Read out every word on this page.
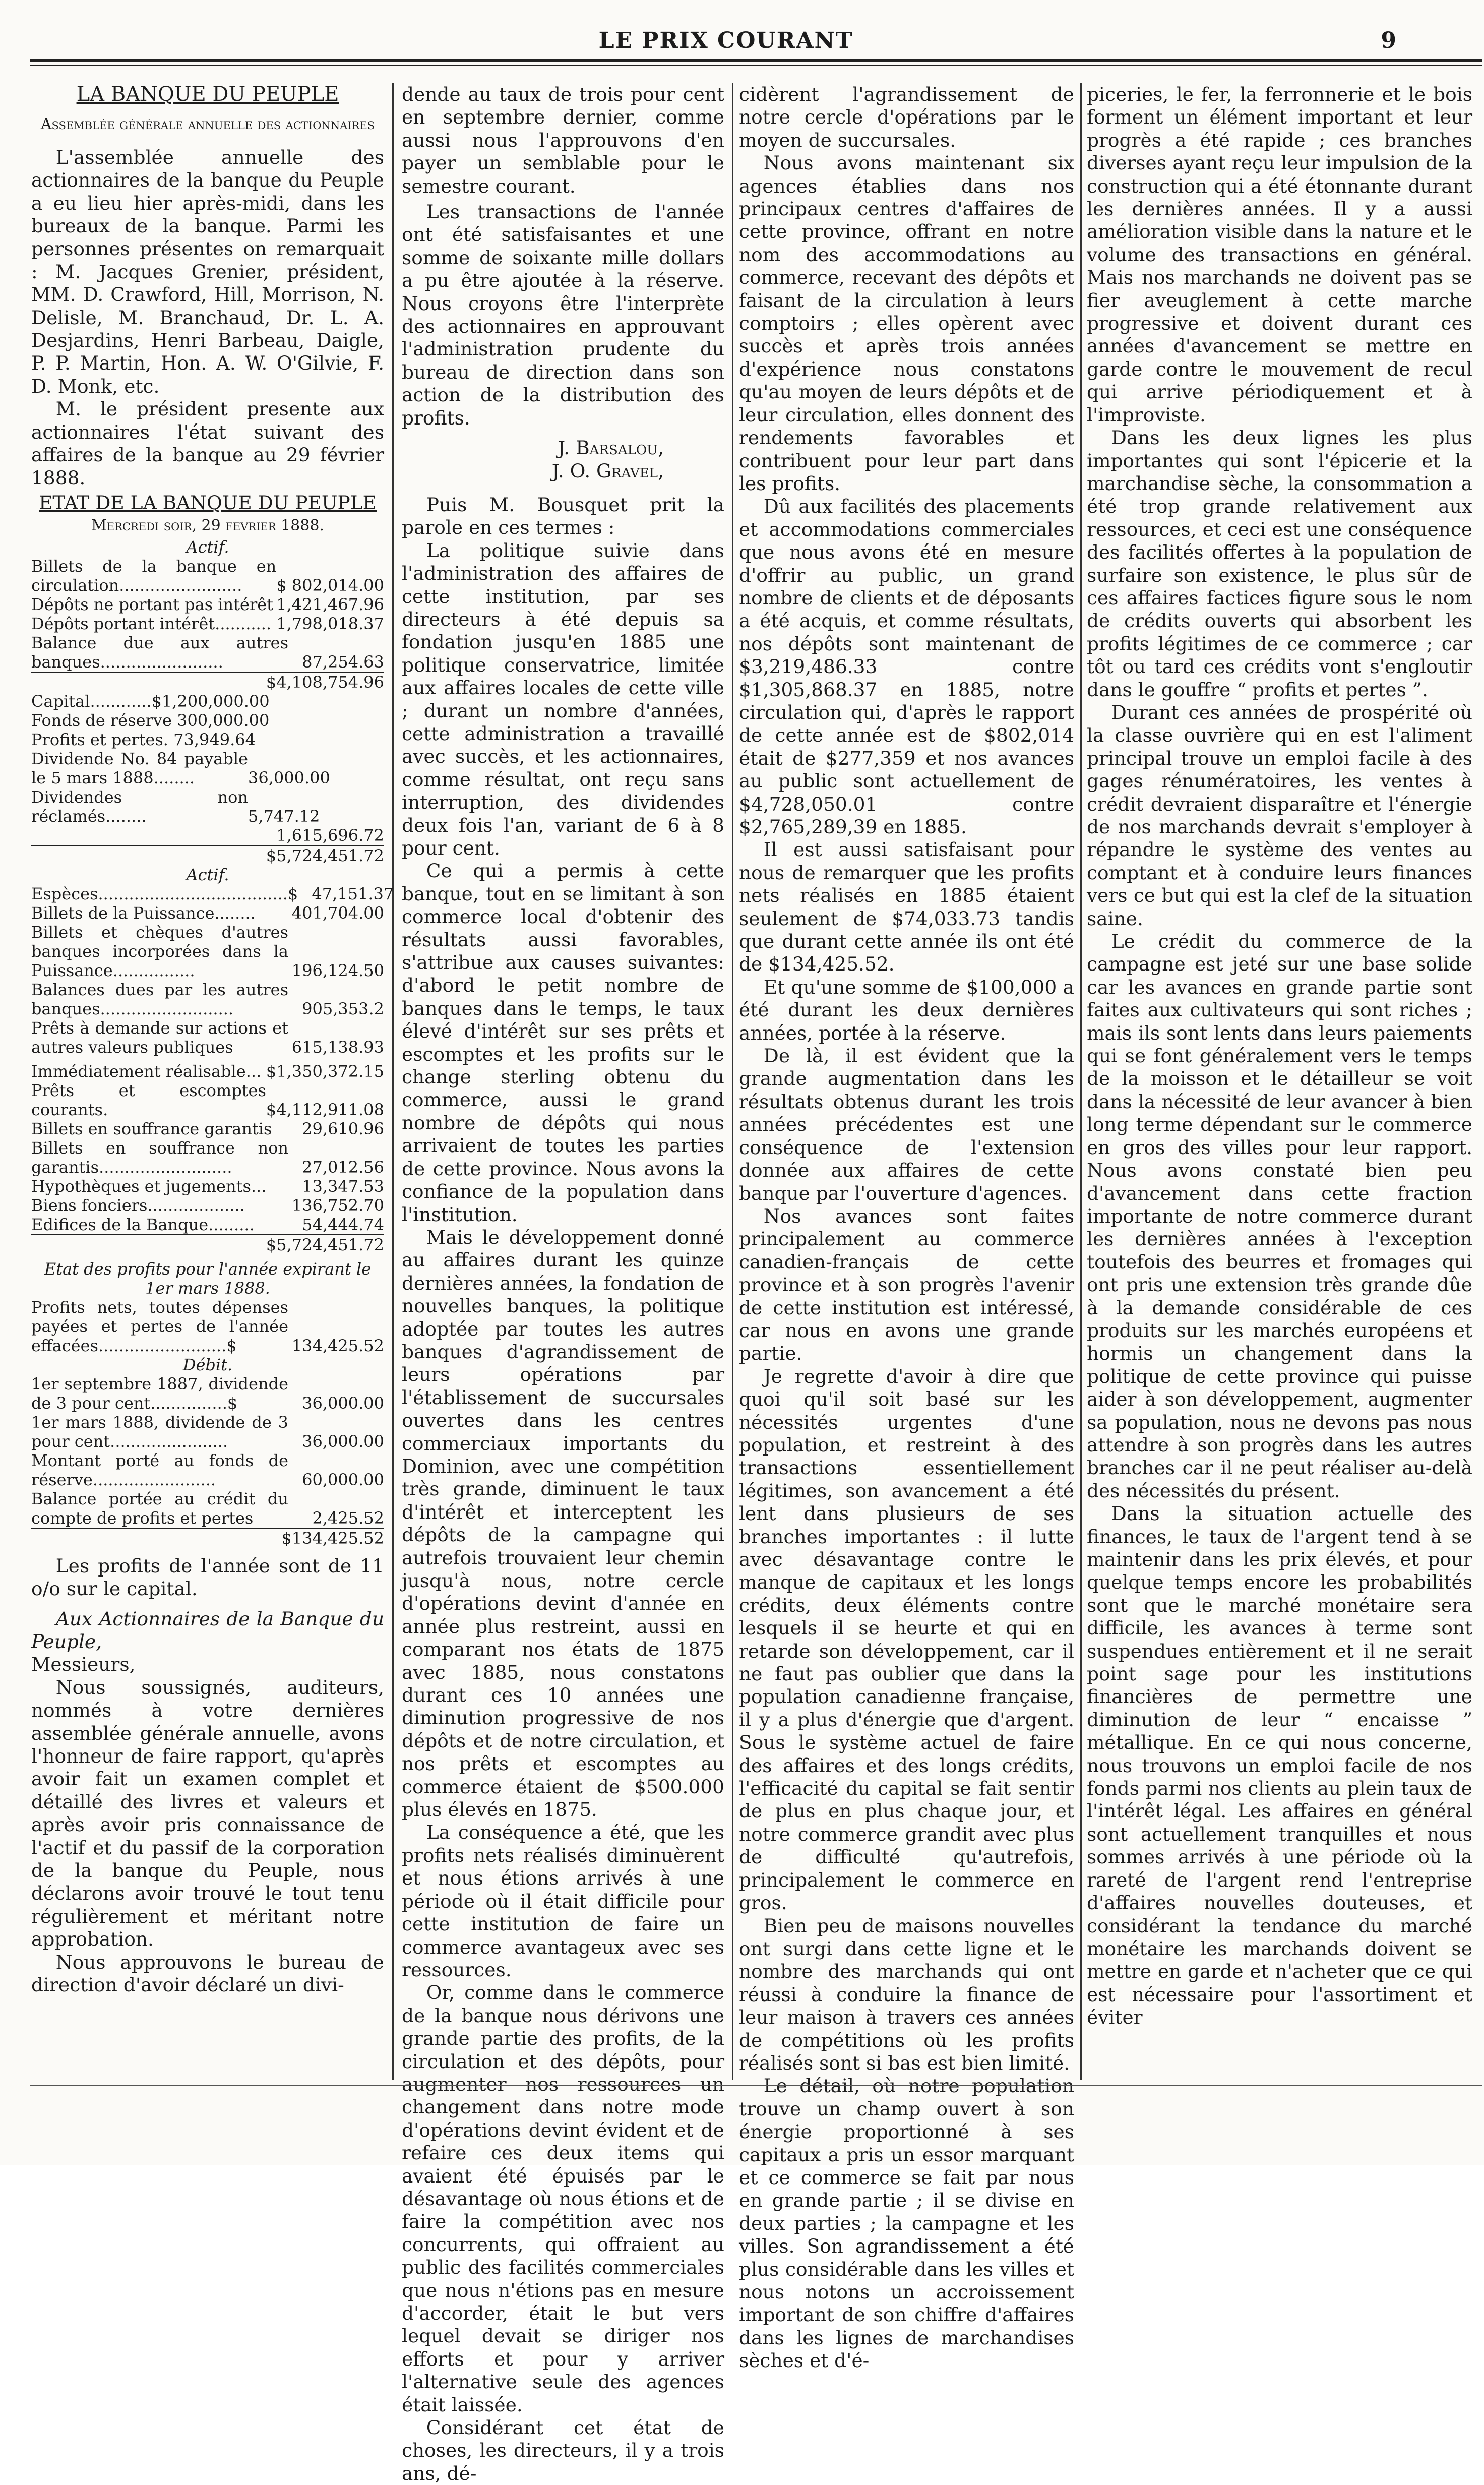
LE PRIX COURANT	9

LA BANQUE DU PEUPLE

Assemblée générale annuelle des actionnaires

L'assemblée annuelle des actionnaires de la banque du Peuple a eu lieu hier après-midi, dans les bureaux de la banque. Parmi les personnes présentes on remarquait : M. Jacques Grenier, président, MM. D. Crawford, Hill, Morrison, N. Delisle, M. Branchaud, Dr. L. A. Desjardins, Henri Barbeau, Daigle, P. P. Martin, Hon. A. W. O'Gilvie, F. D. Monk, etc.

M. le président presente aux actionnaires l'état suivant des affaires de la banque au 29 février 1888.

ETAT DE LA BANQUE DU PEUPLE

Mercredi soir, 29 fevrier 1888.

Actif.

Billets de la banque en circulation........................	$ 802,014.00
Dépôts ne portant pas intérêt 1,421,467.96
Dépôts portant intérêt........... 1,798,018.37
Balance due aux autres banques........................	87,254.63
$4,108,754.96
Capital............$1,200,000.00
Fonds de réserve 300,000.00
Profits et pertes. 73,949.64
Dividende No. 84 payable le 5 mars 1888........	36,000.00
Dividendes non réclamés........	5,747.12
1,615,696.72
$5,724,451.72

Actif.

Espèces.....................................$ 47,151.37
Billets de la Puissance........	401,704.00
Billets et chèques d'autres banques incorporées dans la Puissance................	196,124.50
Balances dues par les autres banques..........................	905,353.2
Prêts à demande sur actions et autres valeurs publiques	615,138.93
Immédiatement réalisable... $1,350,372.15
Prêts et escomptes courants.	$4,112,911.08
Billets en souffrance garantis	29,610.96
Billets en souffrance non garantis..........................	27,012.56
Hypothèques et jugements...	13,347.53
Biens fonciers...................	136,752.70
Edifices de la Banque.........	54,444.74
$5,724,451.72

Etat des profits pour l'année expirant le 1er mars 1888.

Profits nets, toutes dépenses payées et pertes de l'année effacées.........................$	134,425.52
Débit.
1er septembre 1887, dividende de 3 pour cent...............$	36,000.00
1er mars 1888, dividende de 3 pour cent.......................	36,000.00
Montant porté au fonds de réserve........................	60,000.00
Balance portée au crédit du compte de profits et pertes	2,425.52
$134,425.52

Les profits de l'année sont de 11 o/o sur le capital.

Aux Actionnaires de la Banque du Peuple,

Messieurs,

Nous soussignés, auditeurs, nommés à votre dernières assemblée générale annuelle, avons l'honneur de faire rapport, qu'après avoir fait un examen complet et détaillé des livres et valeurs et après avoir pris connaissance de l'actif et du passif de la corporation de la banque du Peuple, nous déclarons avoir trouvé le tout tenu régulièrement et méritant notre approbation.

Nous approuvons le bureau de direction d'avoir déclaré un divi-

dende au taux de trois pour cent en septembre dernier, comme aussi nous l'approuvons d'en payer un semblable pour le semestre courant.

Les transactions de l'année ont été satisfaisantes et une somme de soixante mille dollars a pu être ajoutée à la réserve. Nous croyons être l'interprète des actionnaires en approuvant l'administration prudente du bureau de direction dans son action de la distribution des profits.

J. Barsalou,

J. O. Gravel,

Puis M. Bousquet prit la parole en ces termes :

La politique suivie dans l'administration des affaires de cette institution, par ses directeurs à été depuis sa fondation jusqu'en 1885 une politique conservatrice, limitée aux affaires locales de cette ville ; durant un nombre d'années, cette administration a travaillé avec succès, et les actionnaires, comme résultat, ont reçu sans interruption, des dividendes deux fois l'an, variant de 6 à 8 pour cent.

Ce qui a permis à cette banque, tout en se limitant à son commerce local d'obtenir des résultats aussi favorables, s'attribue aux causes suivantes: d'abord le petit nombre de banques dans le temps, le taux élevé d'intérêt sur ses prêts et escomptes et les profits sur le change sterling obtenu du commerce, aussi le grand nombre de dépôts qui nous arrivaient de toutes les parties de cette province. Nous avons la confiance de la population dans l'institution.

Mais le développement donné au affaires durant les quinze dernières années, la fondation de nouvelles banques, la politique adoptée par toutes les autres banques d'agrandissement de leurs opérations par l'établissement de succursales ouvertes dans les centres commerciaux importants du Dominion, avec une compétition très grande, diminuent le taux d'intérêt et interceptent les dépôts de la campagne qui autrefois trouvaient leur chemin jusqu'à nous, notre cercle d'opérations devint d'année en année plus restreint, aussi en comparant nos états de 1875 avec 1885, nous constatons durant ces 10 années une diminution progressive de nos dépôts et de notre circulation, et nos prêts et escomptes au commerce étaient de $500.000 plus élevés en 1875.

La conséquence a été, que les profits nets réalisés diminuèrent et nous étions arrivés à une période où il était difficile pour cette institution de faire un commerce avantageux avec ses ressources.

Or, comme dans le commerce de la banque nous dérivons une grande partie des profits, de la circulation et des dépôts, pour augmenter nos ressources un changement dans notre mode d'opérations devint évident et de refaire ces deux items qui avaient été épuisés par le désavantage où nous étions et de faire la compétition avec nos concurrents, qui offraient au public des facilités commerciales que nous n'étions pas en mesure d'accorder, était le but vers lequel devait se diriger nos efforts et pour y arriver l'alternative seule des agences était laissée.

Considérant cet état de choses, les directeurs, il y a trois ans, dé-

cidèrent l'agrandissement de notre cercle d'opérations par le moyen de succursales.

Nous avons maintenant six agences établies dans nos principaux centres d'affaires de cette province, offrant en notre nom des accommodations au commerce, recevant des dépôts et faisant de la circulation à leurs comptoirs ; elles opèrent avec succès et après trois années d'expérience nous constatons qu'au moyen de leurs dépôts et de leur circulation, elles donnent des rendements favorables et contribuent pour leur part dans les profits.

Dû aux facilités des placements et accommodations commerciales que nous avons été en mesure d'offrir au public, un grand nombre de clients et de déposants a été acquis, et comme résultats, nos dépôts sont maintenant de $3,219,486.33 contre $1,305,868.37 en 1885, notre circulation qui, d'après le rapport de cette année est de $802,014 était de $277,359 et nos avances au public sont actuellement de $4,728,050.01 contre $2,765,289,39 en 1885.

Il est aussi satisfaisant pour nous de remarquer que les profits nets réalisés en 1885 étaient seulement de $74,033.73 tandis que durant cette année ils ont été de $134,425.52.

Et qu'une somme de $100,000 a été durant les deux dernières années, portée à la réserve.

De là, il est évident que la grande augmentation dans les résultats obtenus durant les trois années précédentes est une conséquence de l'extension donnée aux affaires de cette banque par l'ouverture d'agences.

Nos avances sont faites principalement au commerce canadien-français de cette province et à son progrès l'avenir de cette institution est intéressé, car nous en avons une grande partie.

Je regrette d'avoir à dire que quoi qu'il soit basé sur les nécessités urgentes d'une population, et restreint à des transactions essentiellement légitimes, son avancement a été lent dans plusieurs de ses branches importantes : il lutte avec désavantage contre le manque de capitaux et les longs crédits, deux éléments contre lesquels il se heurte et qui en retarde son développement, car il ne faut pas oublier que dans la population canadienne française, il y a plus d'énergie que d'argent. Sous le système actuel de faire des affaires et des longs crédits, l'efficacité du capital se fait sentir de plus en plus chaque jour, et notre commerce grandit avec plus de difficulté qu'autrefois, principalement le commerce en gros.

Bien peu de maisons nouvelles ont surgi dans cette ligne et le nombre des marchands qui ont réussi à conduire la finance de leur maison à travers ces années de compétitions où les profits réalisés sont si bas est bien limité.

Le détail, où notre population trouve un champ ouvert à son énergie proportionné à ses capitaux a pris un essor marquant et ce commerce se fait par nous en grande partie ; il se divise en deux parties ; la campagne et les villes. Son agrandissement a été plus considérable dans les villes et nous notons un accroissement important de son chiffre d'affaires dans les lignes de marchandises sèches et d'é-

piceries, le fer, la ferronnerie et le bois forment un élément important et leur progrès a été rapide ; ces branches diverses ayant reçu leur impulsion de la construction qui a été étonnante durant les dernières années. Il y a aussi amélioration visible dans la nature et le volume des transactions en général. Mais nos marchands ne doivent pas se fier aveuglement à cette marche progressive et doivent durant ces années d'avancement se mettre en garde contre le mouvement de recul qui arrive périodiquement et à l'improviste.

Dans les deux lignes les plus importantes qui sont l'épicerie et la marchandise sèche, la consommation a été trop grande relativement aux ressources, et ceci est une conséquence des facilités offertes à la population de surfaire son existence, le plus sûr de ces affaires factices figure sous le nom de crédits ouverts qui absorbent les profits légitimes de ce commerce ; car tôt ou tard ces crédits vont s'engloutir dans le gouffre “ profits et pertes ”.

Durant ces années de prospérité où la classe ouvrière qui en est l'aliment principal trouve un emploi facile à des gages rénumératoires, les ventes à crédit devraient disparaître et l'énergie de nos marchands devrait s'employer à répandre le système des ventes au comptant et à conduire leurs finances vers ce but qui est la clef de la situation saine.

Le crédit du commerce de la campagne est jeté sur une base solide car les avances en grande partie sont faites aux cultivateurs qui sont riches ; mais ils sont lents dans leurs paiements qui se font généralement vers le temps de la moisson et le détailleur se voit dans la nécessité de leur avancer à bien long terme dépendant sur le commerce en gros des villes pour leur rapport. Nous avons constaté bien peu d'avancement dans cette fraction importante de notre commerce durant les dernières années à l'exception toutefois des beurres et fromages qui ont pris une extension très grande dûe à la demande considérable de ces produits sur les marchés européens et hormis un changement dans la politique de cette province qui puisse aider à son développement, augmenter sa population, nous ne devons pas nous attendre à son progrès dans les autres branches car il ne peut réaliser au-delà des nécessités du présent.

Dans la situation actuelle des finances, le taux de l'argent tend à se maintenir dans les prix élevés, et pour quelque temps encore les probabilités sont que le marché monétaire sera difficile, les avances à terme sont suspendues entièrement et il ne serait point sage pour les institutions financières de permettre une diminution de leur “ encaisse ” métallique. En ce qui nous concerne, nous trouvons un emploi facile de nos fonds parmi nos clients au plein taux de l'intérêt légal. Les affaires en général sont actuellement tranquilles et nous sommes arrivés à une période où la rareté de l'argent rend l'entreprise d'affaires nouvelles douteuses, et considérant la tendance du marché monétaire les marchands doivent se mettre en garde et n'acheter que ce qui est nécessaire pour l'assortiment et éviter
